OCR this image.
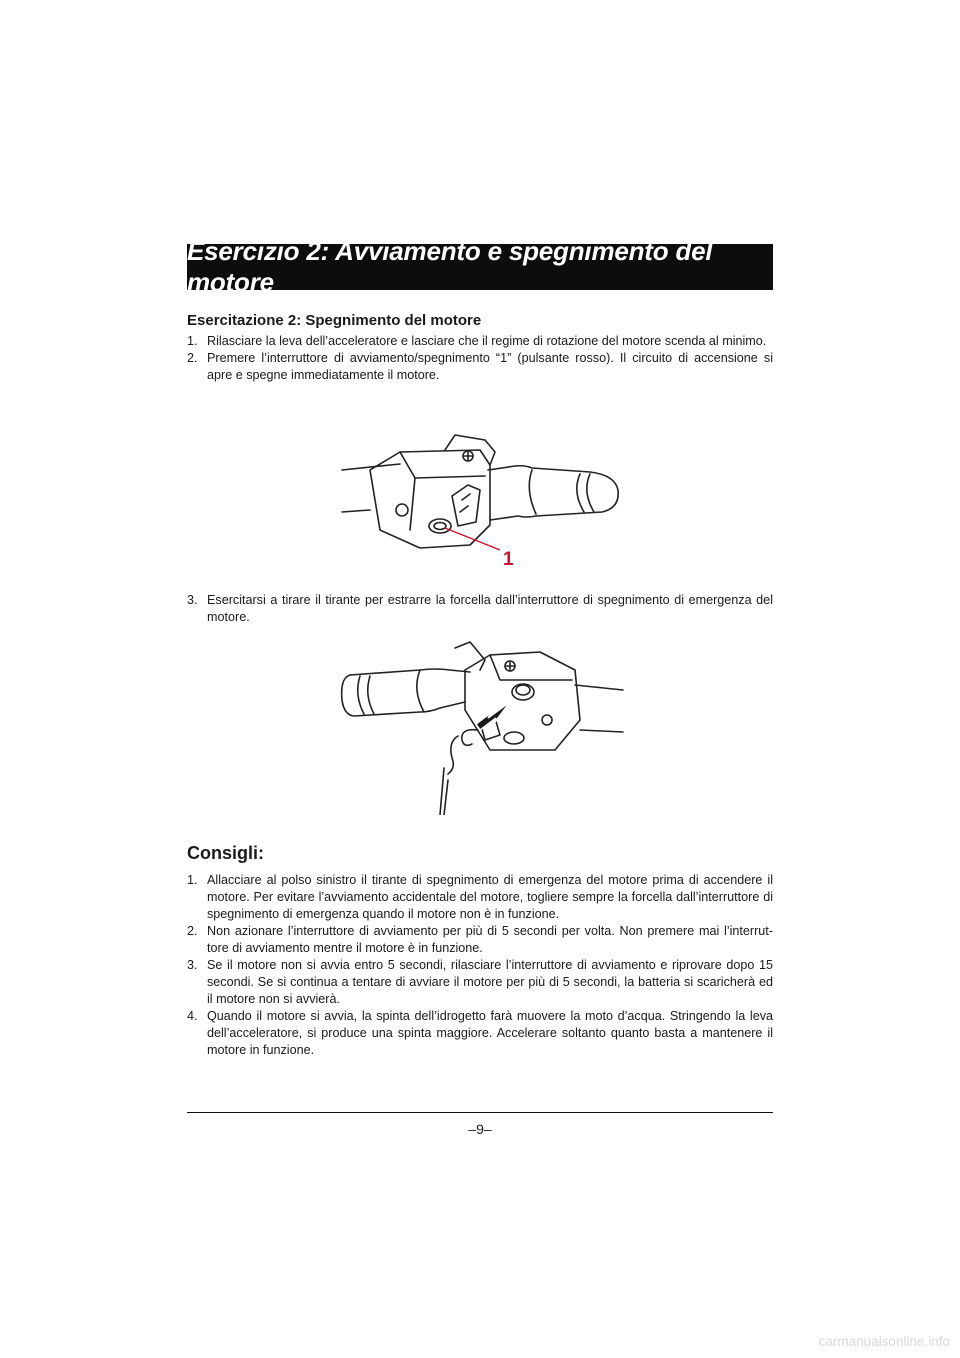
Esercizio 2: Avviamento e spegnimento del motore
Esercitazione 2: Spegnimento del motore
1. Rilasciare la leva dell’acceleratore e lasciare che il regime di rotazione del motore scenda al minimo.
2. Premere l’interruttore di avviamento/spegnimento “1” (pulsante rosso). Il circuito di accensione si apre e spegne immediatamente il motore.
1
3. Esercitarsi a tirare il tirante per estrarre la forcella dall’interruttore di spegnimento di emergenza del motore.
Consigli:
1. Allacciare al polso sinistro il tirante di spegnimento di emergenza del motore prima di accendere il motore. Per evitare l’avviamento accidentale del motore, togliere sempre la forcella dall’interruttore di spegnimento di emergenza quando il motore non è in funzione.
2. Non azionare l’interruttore di avviamento per più di 5 secondi per volta. Non premere mai l’interrut-tore di avviamento mentre il motore è in funzione.
3. Se il motore non si avvia entro 5 secondi, rilasciare l’interruttore di avviamento e riprovare dopo 15 secondi. Se si continua a tentare di avviare il motore per più di 5 secondi, la batteria si scaricherà ed il motore non si avvierà.
4. Quando il motore si avvia, la spinta dell’idrogetto farà muovere la moto d’acqua. Stringendo la leva dell’acceleratore, si produce una spinta maggiore. Accelerare soltanto quanto basta a mantenere il motore in funzione.
–9–
carmanualsonline.info
